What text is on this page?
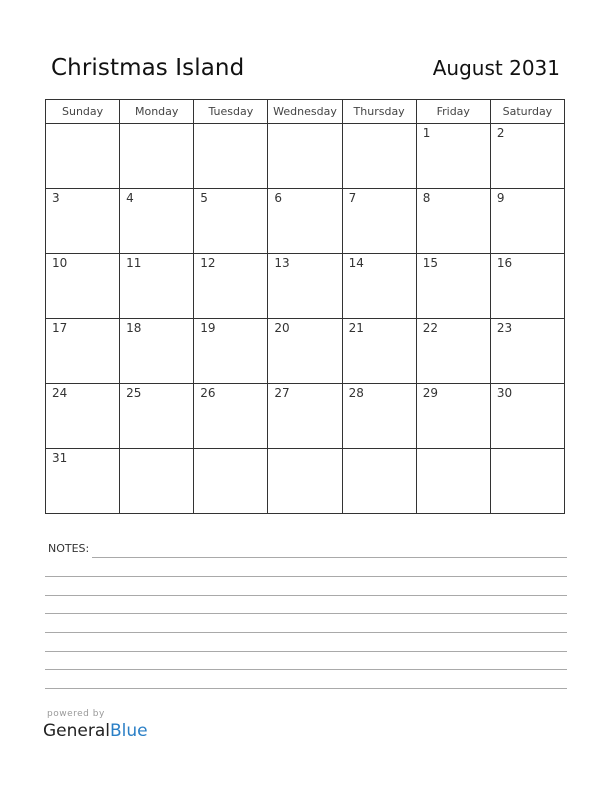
Christmas Island	August 2031
Sunday	Monday	Tuesday	Wednesday	Thursday	Friday	Saturday

					1	2

3	4	5	6	7	8	9

10	11	12	13	14	15	16

17	18	19	20	21	22	23

24	25	26	27	28	29	30

31						

NOTES:
powered by
GeneralBlue
